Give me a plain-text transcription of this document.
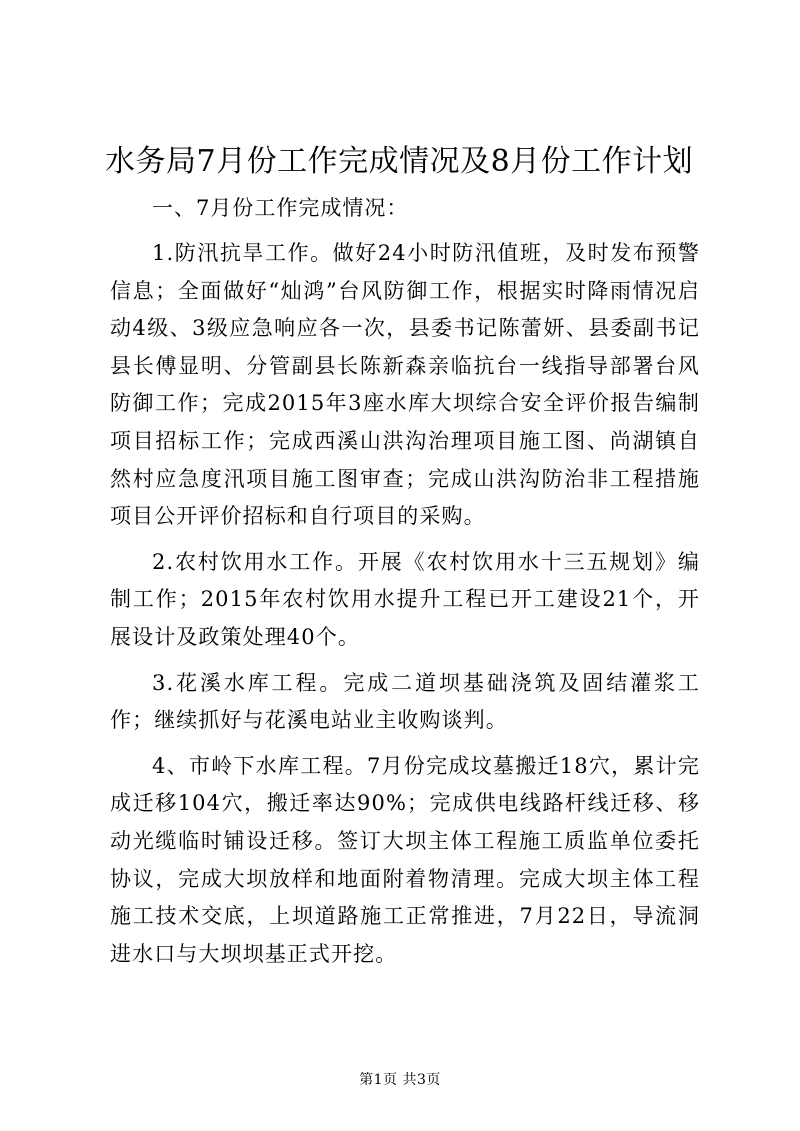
水务局7月份工作完成情况及8月份工作计划

一、7月份工作完成情况：

1.防汛抗旱工作。做好24小时防汛值班，及时发布预警信息；全面做好“灿鸿”台风防御工作，根据实时降雨情况启动4级、3级应急响应各一次，县委书记陈蕾妍、县委副书记县长傅显明、分管副县长陈新森亲临抗台一线指导部署台风防御工作；完成2015年3座水库大坝综合安全评价报告编制项目招标工作；完成西溪山洪沟治理项目施工图、尚湖镇自然村应急度汛项目施工图审查；完成山洪沟防治非工程措施项目公开评价招标和自行项目的采购。

2.农村饮用水工作。开展《农村饮用水十三五规划》编制工作；2015年农村饮用水提升工程已开工建设21个，开展设计及政策处理40个。

3.花溪水库工程。完成二道坝基础浇筑及固结灌浆工作；继续抓好与花溪电站业主收购谈判。

4、市岭下水库工程。7月份完成坟墓搬迁18穴，累计完成迁移104穴，搬迁率达90%；完成供电线路杆线迁移、移动光缆临时铺设迁移。签订大坝主体工程施工质监单位委托协议，完成大坝放样和地面附着物清理。完成大坝主体工程施工技术交底，上坝道路施工正常推进，7月22日，导流洞进水口与大坝坝基正式开挖。

第1页 共3页
